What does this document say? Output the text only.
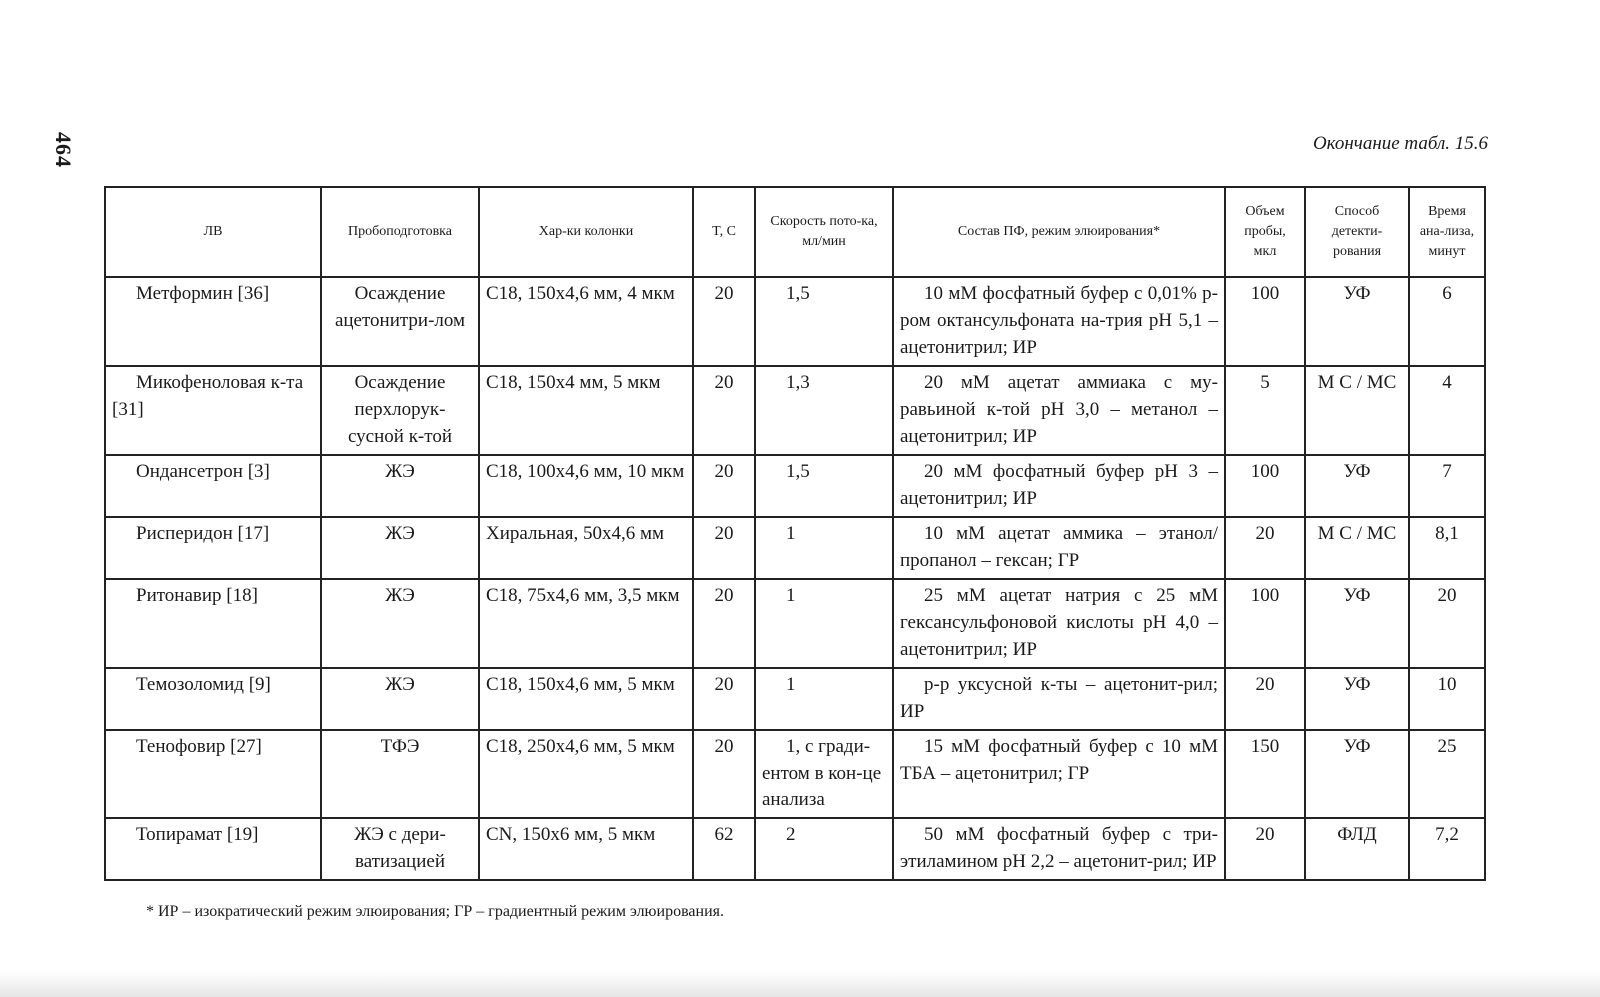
464	Окончание табл. 15.6
ЛВ	Пробоподготовка	Хар-ки колонки	T, C	Скорость пото-ка, мл/мин	Состав ПФ, режим элюирования*	Объем пробы, мкл	Способ детекти-рования	Время ана-лиза, минут
Метформин [36]	Осаждение ацетонитри-лом	С18, 150х4,6 мм, 4 мкм	20	1,5	10 мМ фосфатный буфер с 0,01% р-ром октансульфоната на-трия рН 5,1 – ацетонитрил; ИР	100	УФ	6
Микофеноловая к-та [31]	Осаждение перхлорук-сусной к-той	С18, 150х4 мм, 5 мкм	20	1,3	20 мМ ацетат аммиака с му-равьиной к-той рН 3,0 – метанол – ацетонитрил; ИР	5	М С / МС	4
Ондансетрон [3]	ЖЭ	С18, 100х4,6 мм, 10 мкм	20	1,5	20 мМ фосфатный буфер рН 3 – ацетонитрил; ИР	100	УФ	7
Рисперидон [17]	ЖЭ	Хиральная, 50х4,6 мм	20	1	10 мМ ацетат аммика – этанол/ пропанол – гексан; ГР	20	М С / МС	8,1
Ритонавир [18]	ЖЭ	С18, 75х4,6 мм, 3,5 мкм	20	1	25 мМ ацетат натрия с 25 мМ гексансульфоновой кислоты рН 4,0 – ацетонитрил; ИР	100	УФ	20
Темозоломид [9]	ЖЭ	С18, 150х4,6 мм, 5 мкм	20	1	р-р уксусной к-ты – ацетонит-рил; ИР	20	УФ	10
Тенофовир [27]	ТФЭ	С18, 250х4,6 мм, 5 мкм	20	1, с гради-ентом в кон-це анализа	15 мМ фосфатный буфер с 10 мМ ТБА – ацетонитрил; ГР	150	УФ	25
Топирамат [19]	ЖЭ с дери-ватизацией	CN, 150х6 мм, 5 мкм	62	2	50 мМ фосфатный буфер с три-этиламином рН 2,2 – ацетонит-рил; ИР	20	ФЛД	7,2
* ИР – изократический режим элюирования; ГР – градиентный режим элюирования.
